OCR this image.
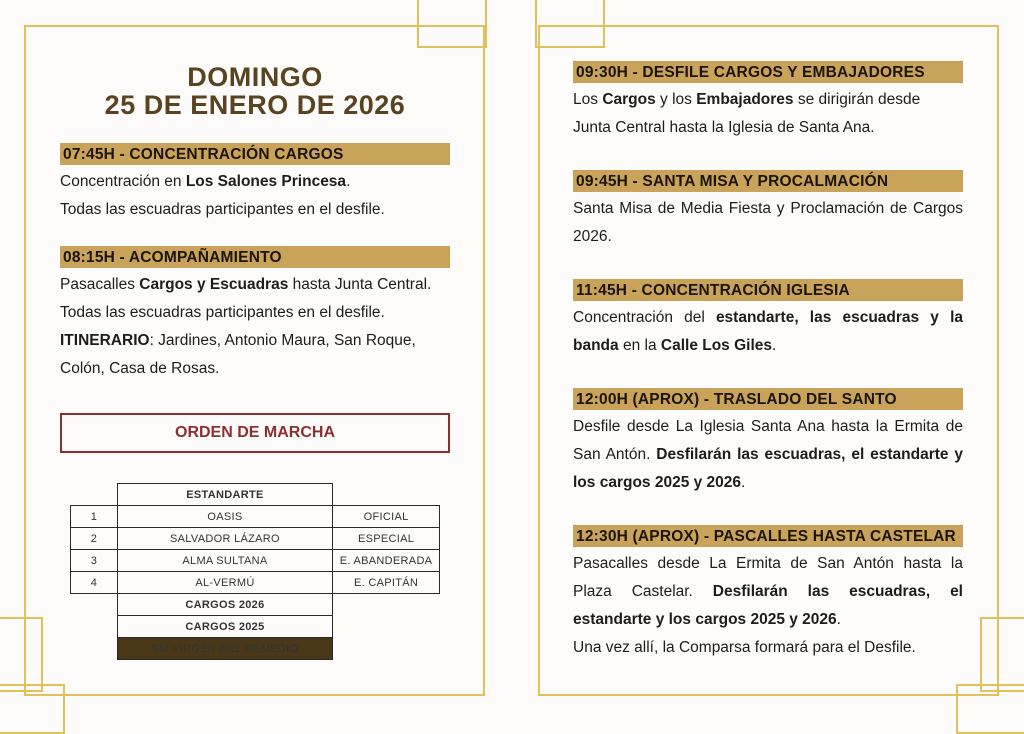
DOMINGO
25 DE ENERO DE 2026
07:45H - CONCENTRACIÓN CARGOS
Concentración en Los Salones Princesa.
Todas las escuadras participantes en el desfile.
08:15H - ACOMPAÑAMIENTO
Pasacalles Cargos y Escuadras hasta Junta Central.
Todas las escuadras participantes en el desfile.
ITINERARIO: Jardines, Antonio Maura, San Roque,
Colón, Casa de Rosas.
ORDEN DE MARCHA
	ESTANDARTE	
1	OASIS	OFICIAL
2	SALVADOR LÁZARO	ESPECIAL
3	ALMA SULTANA	E. ABANDERADA
4	AL-VERMÚ	E. CAPITÁN
	CARGOS 2026	
	CARGOS 2025	
	SM VIRGEN DEL REMEDIO	
09:30H - DESFILE CARGOS Y EMBAJADORES
Los Cargos y los Embajadores se dirigirán desde
Junta Central hasta la Iglesia de Santa Ana.
09:45H - SANTA MISA Y PROCALMACIÓN
Santa Misa de Media Fiesta y Proclamación de Cargos 2026.
11:45H - CONCENTRACIÓN IGLESIA
Concentración del estandarte, las escuadras y la banda en la Calle Los Giles.
12:00H (APROX) - TRASLADO DEL SANTO
Desfile desde La Iglesia Santa Ana hasta la Ermita de San Antón. Desfilarán las escuadras, el estandarte y los cargos 2025 y 2026.
12:30H (APROX) - PASCALLES HASTA CASTELAR
Pasacalles desde La Ermita de San Antón hasta la Plaza Castelar. Desfilarán las escuadras, el estandarte y los cargos 2025 y 2026.
Una vez allí, la Comparsa formará para el Desfile.
